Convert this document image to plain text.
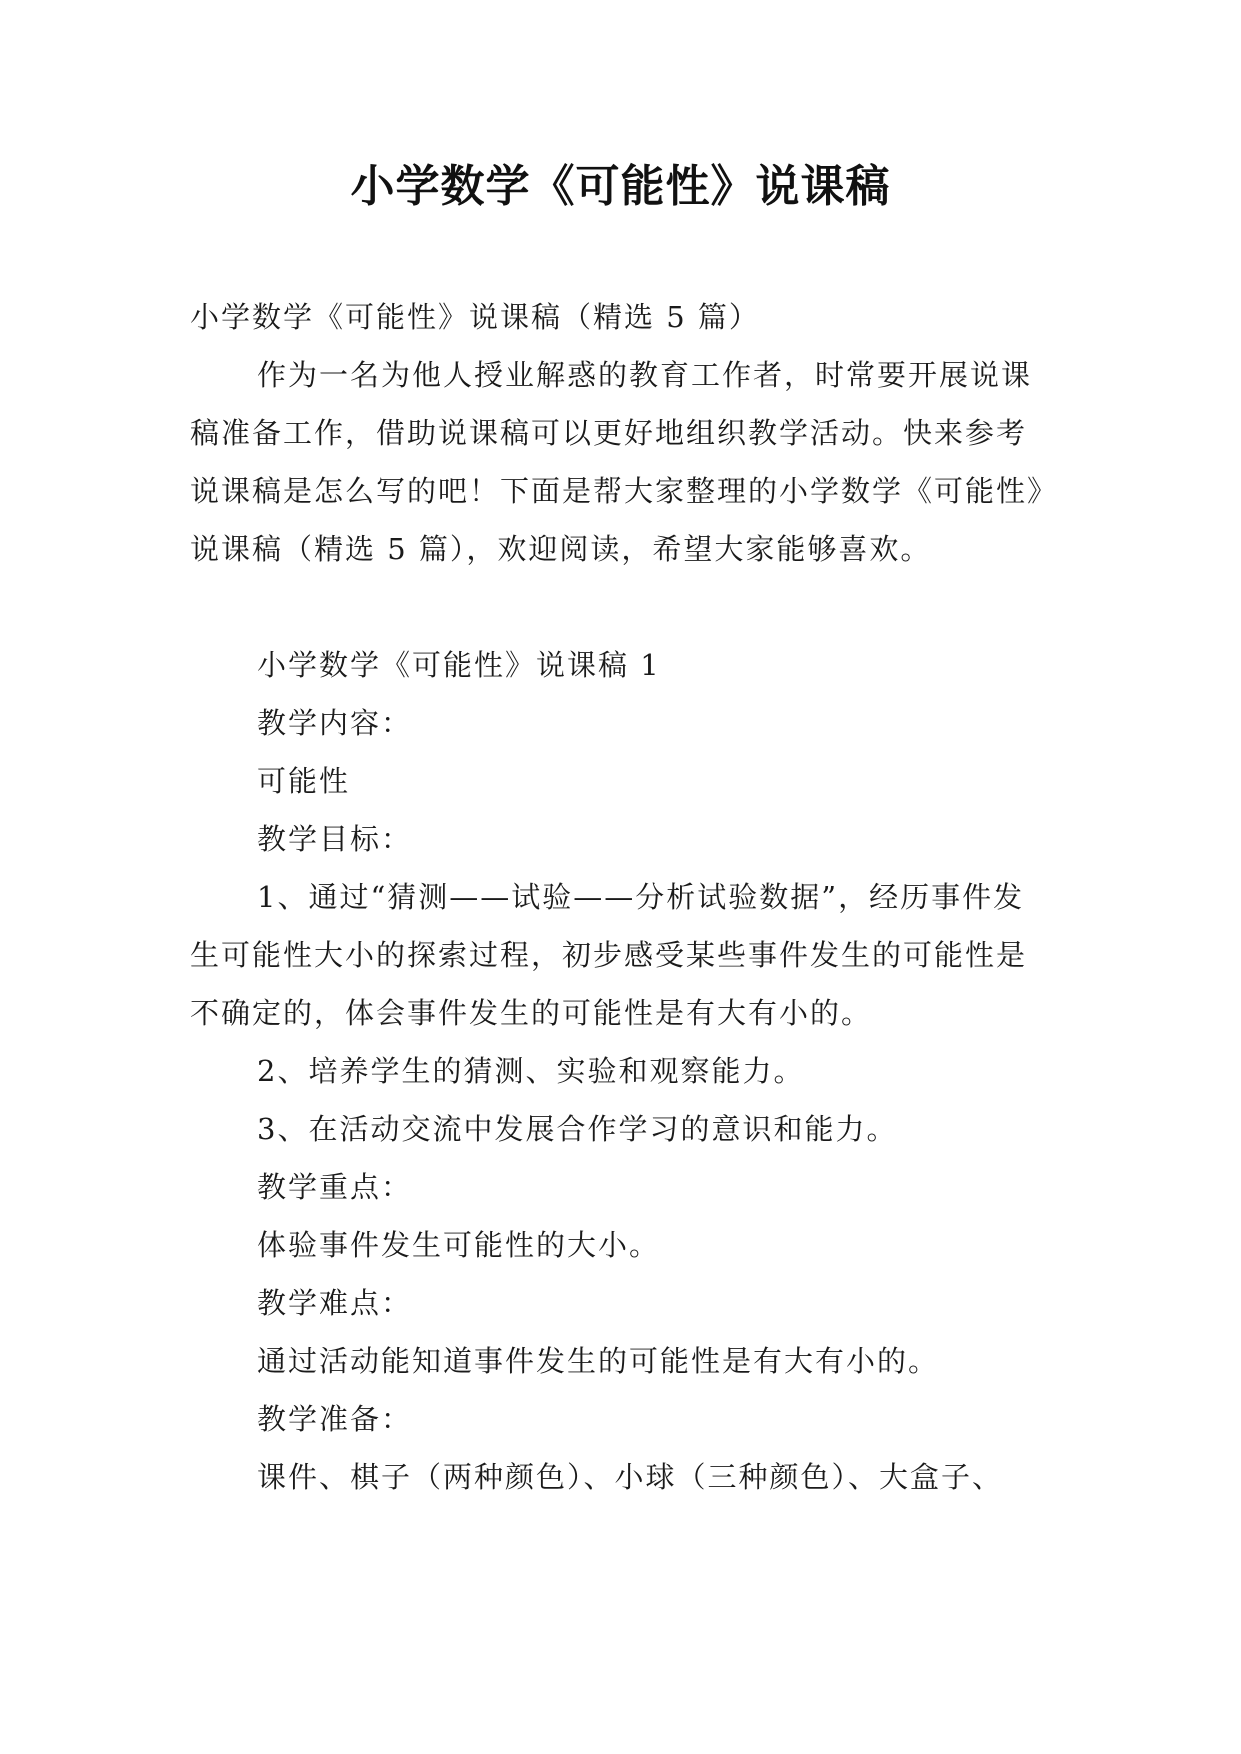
小学数学《可能性》说课稿

小学数学《可能性》说课稿（精选 5 篇）

作为一名为他人授业解惑的教育工作者，时常要开展说课稿准备工作，借助说课稿可以更好地组织教学活动。快来参考说课稿是怎么写的吧！下面是帮大家整理的小学数学《可能性》说课稿（精选 5 篇），欢迎阅读，希望大家能够喜欢。

小学数学《可能性》说课稿 1

教学内容：

可能性

教学目标：

1、通过“猜测——试验——分析试验数据”，经历事件发生可能性大小的探索过程，初步感受某些事件发生的可能性是不确定的，体会事件发生的可能性是有大有小的。

2、培养学生的猜测、实验和观察能力。

3、在活动交流中发展合作学习的意识和能力。

教学重点：

体验事件发生可能性的大小。

教学难点：

通过活动能知道事件发生的可能性是有大有小的。

教学准备：

课件、棋子（两种颜色）、小球（三种颜色）、大盒子、
